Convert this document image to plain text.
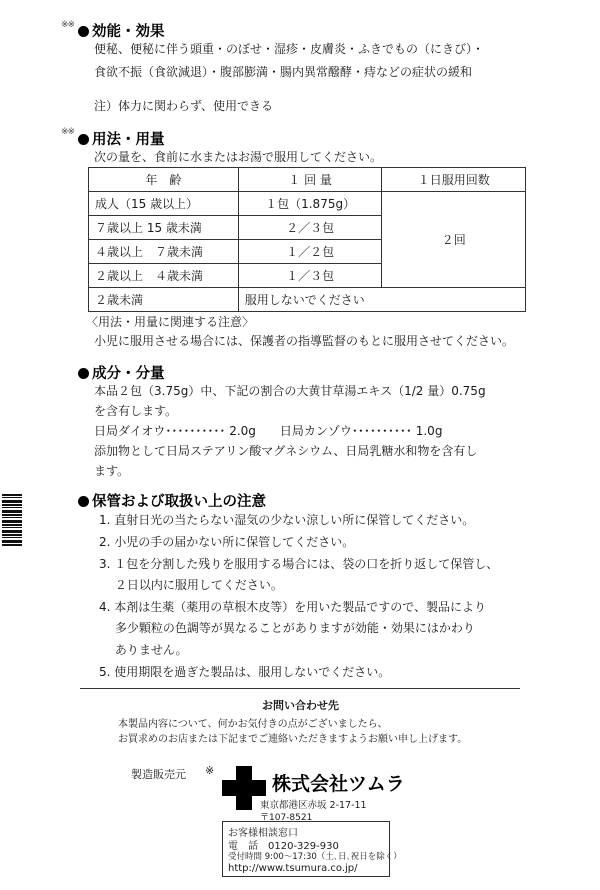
※※	効能・効果
便秘、便秘に伴う頭重・のぼせ・湿疹・皮膚炎・ふきでもの（にきび）・
食欲不振（食欲減退）・腹部膨満・腸内異常醱酵・痔などの症状の緩和
注）体力に関わらず、使用できる
※※	用法・用量
次の量を、食前に水またはお湯で服用してください。
年　齢	１ 回 量	１日服用回数
成人（15 歳以上）	１包（1.875g）	２回
７歳以上 15 歳未満	２／３包	
４歳以上　７歳未満	１／２包	
２歳以上　４歳未満	１／３包	
２歳未満	服用しないでください	
〈用法・用量に関連する注意〉
小児に服用させる場合には、保護者の指導監督のもとに服用させてください。
成分・分量
本品２包（3.75g）中、下記の割合の大黄甘草湯エキス（1/2 量）0.75g
を含有します。
日局ダイオウ･･････････ 2.0g　　日局カンゾウ･･････････ 1.0g
添加物として日局ステアリン酸マグネシウム、日局乳糖水和物を含有し
ます。
保管および取扱い上の注意
1. 直射日光の当たらない湿気の少ない涼しい所に保管してください。
2. 小児の手の届かない所に保管してください。
3. １包を分割した残りを服用する場合には、袋の口を折り返して保管し、
　 ２日以内に服用してください。
4. 本剤は生薬（薬用の草根木皮等）を用いた製品ですので、製品により
　 多少顆粒の色調等が異なることがありますが効能・効果にはかわり
　 ありません。
5. 使用期限を過ぎた製品は、服用しないでください。
お問い合わせ先
本製品内容について、何かお気付きの点がございましたら、
お買求めのお店または下記までご連絡いただきますようお願い申し上げます。
製造販売元 ※
株式会社ツムラ
東京都港区赤坂 2-17-11
〒107-8521
お客様相談窓口
電　話　0120-329-930
受付時間 9:00～17:30（土､日､祝日を除く）
http://www.tsumura.co.jp/
